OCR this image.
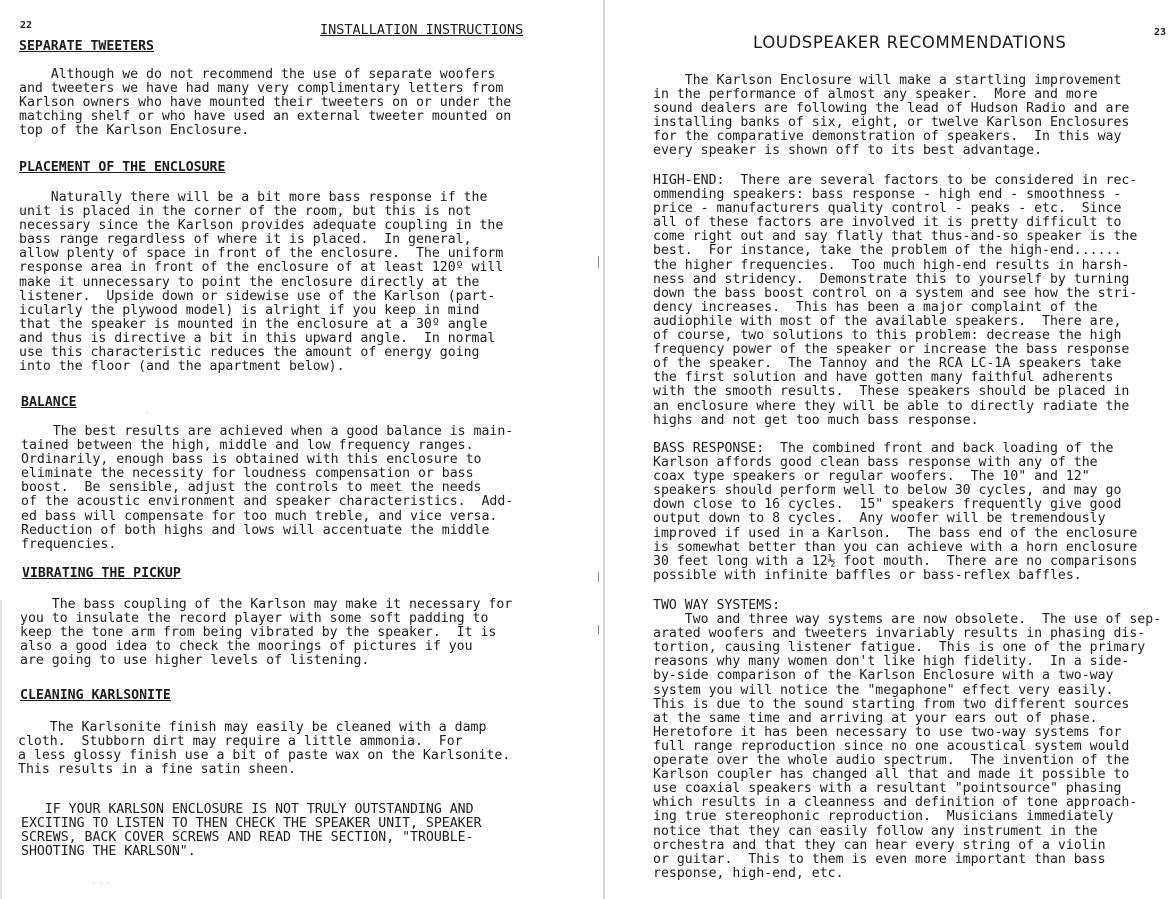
22	INSTALLATION INSTRUCTIONS
SEPARATE TWEETERS

Although we do not recommend the use of separate woofers
and tweeters we have had many very complimentary letters from
Karlson owners who have mounted their tweeters on or under the
matching shelf or who have used an external tweeter mounted on
top of the Karlson Enclosure.

PLACEMENT OF THE ENCLOSURE

Naturally there will be a bit more bass response if the
unit is placed in the corner of the room, but this is not
necessary since the Karlson provides adequate coupling in the
bass range regardless of where it is placed.  In general,
allow plenty of space in front of the enclosure.  The uniform
response area in front of the enclosure of at least 120º will
make it unnecessary to point the enclosure directly at the
listener.  Upside down or sidewise use of the Karlson (part-
icularly the plywood model) is alright if you keep in mind
that the speaker is mounted in the enclosure at a 30º angle
and thus is directive a bit in this upward angle.  In normal
use this characteristic reduces the amount of energy going
into the floor (and the apartment below).

BALANCE

The best results are achieved when a good balance is main-
tained between the high, middle and low frequency ranges.
Ordinarily, enough bass is obtained with this enclosure to
eliminate the necessity for loudness compensation or bass
boost.  Be sensible, adjust the controls to meet the needs
of the acoustic environment and speaker characteristics.  Add-
ed bass will compensate for too much treble, and vice versa.
Reduction of both highs and lows will accentuate the middle
frequencies.

VIBRATING THE PICKUP

The bass coupling of the Karlson may make it necessary for
you to insulate the record player with some soft padding to
keep the tone arm from being vibrated by the speaker.  It is
also a good idea to check the moorings of pictures if you
are going to use higher levels of listening.

CLEANING KARLSONITE

The Karlsonite finish may easily be cleaned with a damp
cloth.  Stubborn dirt may require a little ammonia.  For
a less glossy finish use a bit of paste wax on the Karlsonite.
This results in a fine satin sheen.

IF YOUR KARLSON ENCLOSURE IS NOT TRULY OUTSTANDING AND
EXCITING TO LISTEN TO THEN CHECK THE SPEAKER UNIT, SPEAKER
SCREWS, BACK COVER SCREWS AND READ THE SECTION, "TROUBLE-
SHOOTING THE KARLSON".

·
· · ·
23
LOUDSPEAKER RECOMMENDATIONS

The Karlson Enclosure will make a startling improvement
in the performance of almost any speaker.  More and more
sound dealers are following the lead of Hudson Radio and are
installing banks of six, eight, or twelve Karlson Enclosures
for the comparative demonstration of speakers.  In this way
every speaker is shown off to its best advantage.

HIGH-END:  There are several factors to be considered in rec-
ommending speakers: bass response - high end - smoothness -
price - manufacturers quality control - peaks - etc.  Since
all of these factors are involved it is pretty difficult to
come right out and say flatly that thus-and-so speaker is the
best.  For instance, take the problem of the high-end......
the higher frequencies.  Too much high-end results in harsh-
ness and stridency.  Demonstrate this to yourself by turning
down the bass boost control on a system and see how the stri-
dency increases.  This has been a major complaint of the
audiophile with most of the available speakers.  There are,
of course, two solutions to this problem: decrease the high
frequency power of the speaker or increase the bass response
of the speaker.  The Tannoy and the RCA LC-1A speakers take
the first solution and have gotten many faithful adherents
with the smooth results.  These speakers should be placed in
an enclosure where they will be able to directly radiate the
highs and not get too much bass response.

BASS RESPONSE:  The combined front and back loading of the
Karlson affords good clean bass response with any of the
coax type speakers or regular woofers.  The 10" and 12"
speakers should perform well to below 30 cycles, and may go
down close to 16 cycles.  15" speakers frequently give good
output down to 8 cycles.  Any woofer will be tremendously
improved if used in a Karlson.  The bass end of the enclosure
is somewhat better than you can achieve with a horn enclosure
30 feet long with a 12½ foot mouth.  There are no comparisons
possible with infinite baffles or bass-reflex baffles.

TWO WAY SYSTEMS:
Two and three way systems are now obsolete.  The use of sep-
arated woofers and tweeters invariably results in phasing dis-
tortion, causing listener fatigue.  This is one of the primary
reasons why many women don't like high fidelity.  In a side-
by-side comparison of the Karlson Enclosure with a two-way
system you will notice the "megaphone" effect very easily.
This is due to the sound starting from two different sources
at the same time and arriving at your ears out of phase.
Heretofore it has been necessary to use two-way systems for
full range reproduction since no one acoustical system would
operate over the whole audio spectrum.  The invention of the
Karlson coupler has changed all that and made it possible to
use coaxial speakers with a resultant "pointsource" phasing
which results in a cleanness and definition of tone approach-
ing true stereophonic reproduction.  Musicians immediately
notice that they can easily follow any instrument in the
orchestra and that they can hear every string of a violin
or guitar.  This to them is even more important than bass
response, high-end, etc.
